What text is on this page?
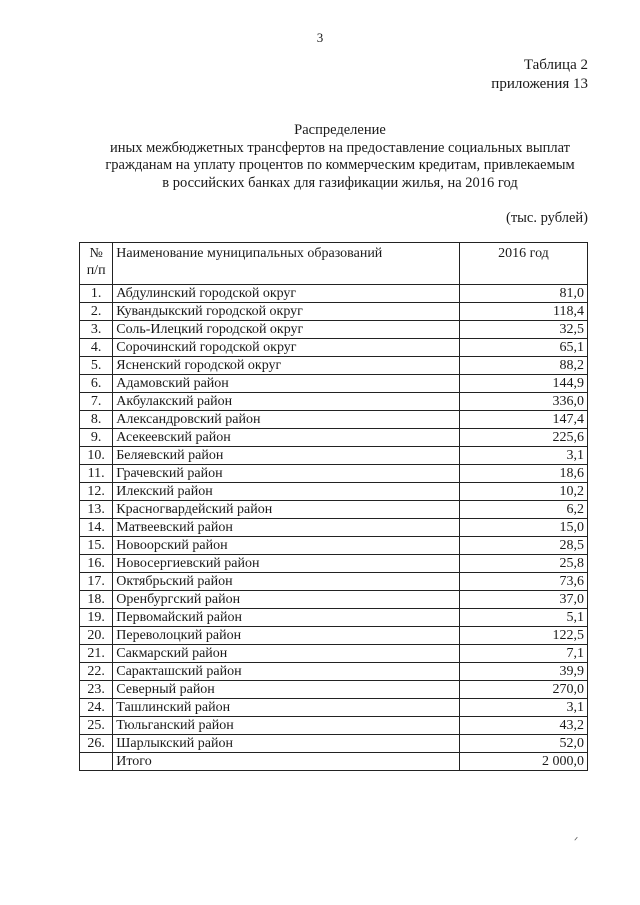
3
Таблица 2
приложения 13
Распределение
иных межбюджетных трансфертов на предоставление социальных выплат
гражданам на уплату процентов по коммерческим кредитам, привлекаемым
в российских банках для газификации жилья, на 2016 год
(тыс. рублей)
№
п/п	Наименование муниципальных образований	2016 год
1.	Абдулинский городской округ	81,0
2.	Кувандыкский городской округ	118,4
3.	Соль-Илецкий городской округ	32,5
4.	Сорочинский городской округ	65,1
5.	Ясненский городской округ	88,2
6.	Адамовский район	144,9
7.	Акбулакский район	336,0
8.	Александровский район	147,4
9.	Асекеевский район	225,6
10.	Беляевский район	3,1
11.	Грачевский район	18,6
12.	Илекский район	10,2
13.	Красногвардейский район	6,2
14.	Матвеевский район	15,0
15.	Новоорский район	28,5
16.	Новосергиевский район	25,8
17.	Октябрьский район	73,6
18.	Оренбургский район	37,0
19.	Первомайский район	5,1
20.	Переволоцкий район	122,5
21.	Сакмарский район	7,1
22.	Саракташский район	39,9
23.	Северный район	270,0
24.	Ташлинский район	3,1
25.	Тюльганский район	43,2
26.	Шарлыкский район	52,0
	Итого	2 000,0
ᐟ
